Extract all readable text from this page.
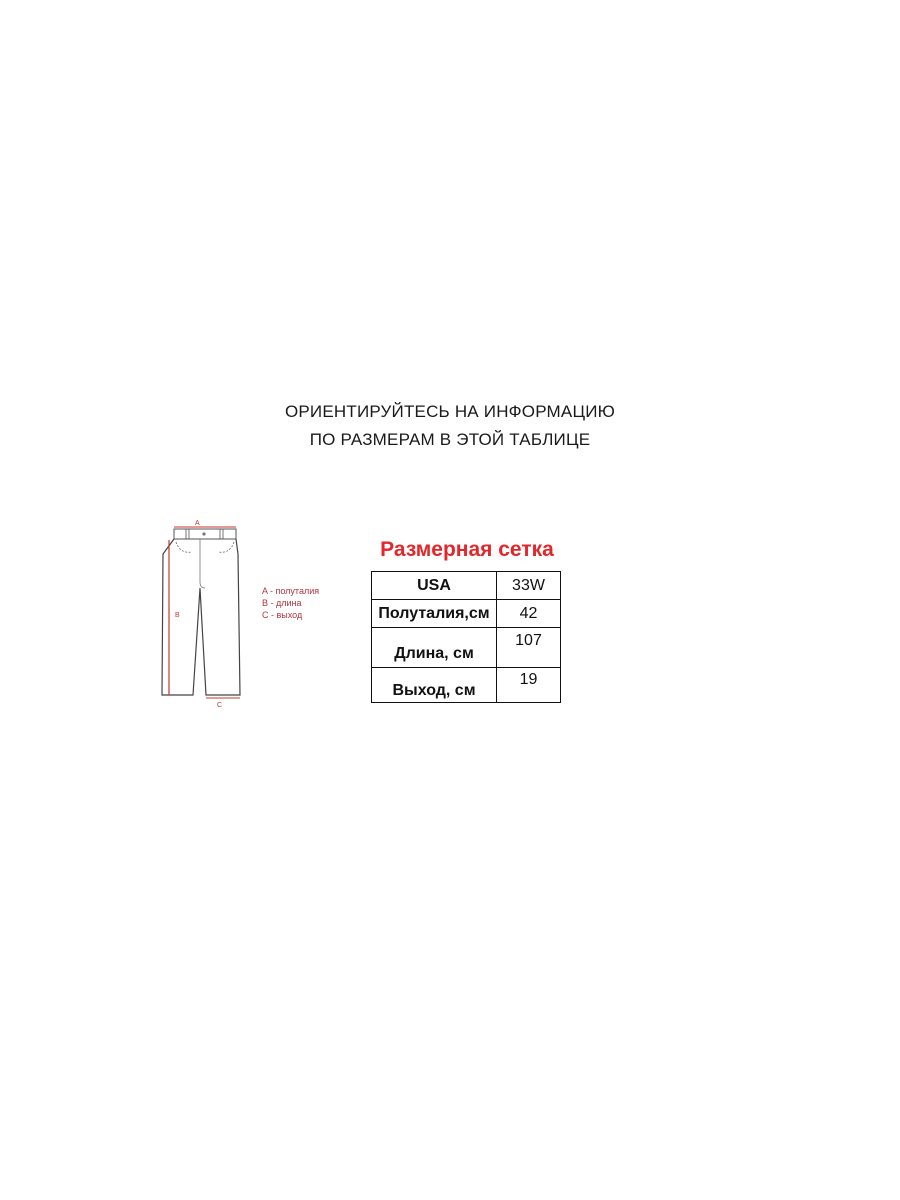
ОРИЕНТИРУЙТЕСЬ НА ИНФОРМАЦИЮ
ПО РАЗМЕРАМ В ЭТОЙ ТАБЛИЦЕ
A
B
C
A - полуталия
B - длина
C - выход
Размерная сетка
USA	33W
Полуталия,см	42
Длина, см	107
Выход, см	19
